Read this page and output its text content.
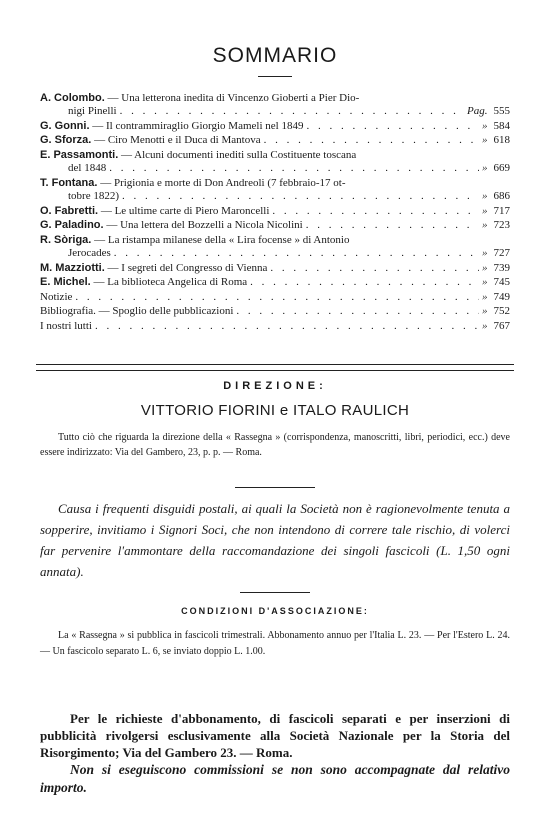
SOMMARIO
A. Colombo. — Una letterona inedita di Vincenzo Gioberti a Pier Dio-
nigi Pinelli . . .	Pag. 555
G. Gonni. — Il contrammiraglio Giorgio Mameli nel 1849 . . .	» 584
G. Sforza. — Ciro Menotti e il Duca di Mantova . . .	» 618
E. Passamonti. — Alcuni documenti inediti sulla Costituente toscana
del 1848 . . .	» 669
T. Fontana. — Prigionia e morte di Don Andreoli (7 febbraio-17 ot-
tobre 1822) . . .	» 686
O. Fabretti. — Le ultime carte di Piero Maroncelli . . .	» 717
G. Paladino. — Una lettera del Bozzelli a Nicola Nicolini . . .	» 723
R. Sòriga. — La ristampa milanese della « Lira focense » di Antonio
Jerocades . . .	» 727
M. Mazziotti. — I segreti del Congresso di Vienna . . .	» 739
E. Michel. — La biblioteca Angelica di Roma . . .	» 745
Notizie . . .	» 749
Bibliografia. — Spoglio delle pubblicazioni . . .	» 752
I nostri lutti . . .	» 767
DIREZIONE:
VITTORIO FIORINI e ITALO RAULICH
Tutto ciò che riguarda la direzione della « Rassegna » (corrispondenza, manoscritti, libri, periodici, ecc.) deve essere indirizzato: Via del Gambero, 23, p. p. — Roma.
Causa i frequenti disguidi postali, ai quali la Società non è ragionevolmente tenuta a sopperire, invitiamo i Signori Soci, che non intendono di correre tale rischio, di volerci far pervenire l'ammontare della raccomandazione dei singoli fascicoli (L. 1,50 ogni annata).
CONDIZIONI D'ASSOCIAZIONE:
La « Rassegna » si pubblica in fascicoli trimestrali. Abbonamento annuo per l'Italia L. 23. — Per l'Estero L. 24. — Un fascicolo separato L. 6, se inviato doppio L. 1.00.
Per le richieste d'abbonamento, di fascicoli separati e per inserzioni di pubblicità rivolgersi esclusivamente alla Società Nazionale per la Storia del Risorgimento; Via del Gambero 23. — Roma.
Non si eseguiscono commissioni se non sono accompagnate dal relativo importo.
